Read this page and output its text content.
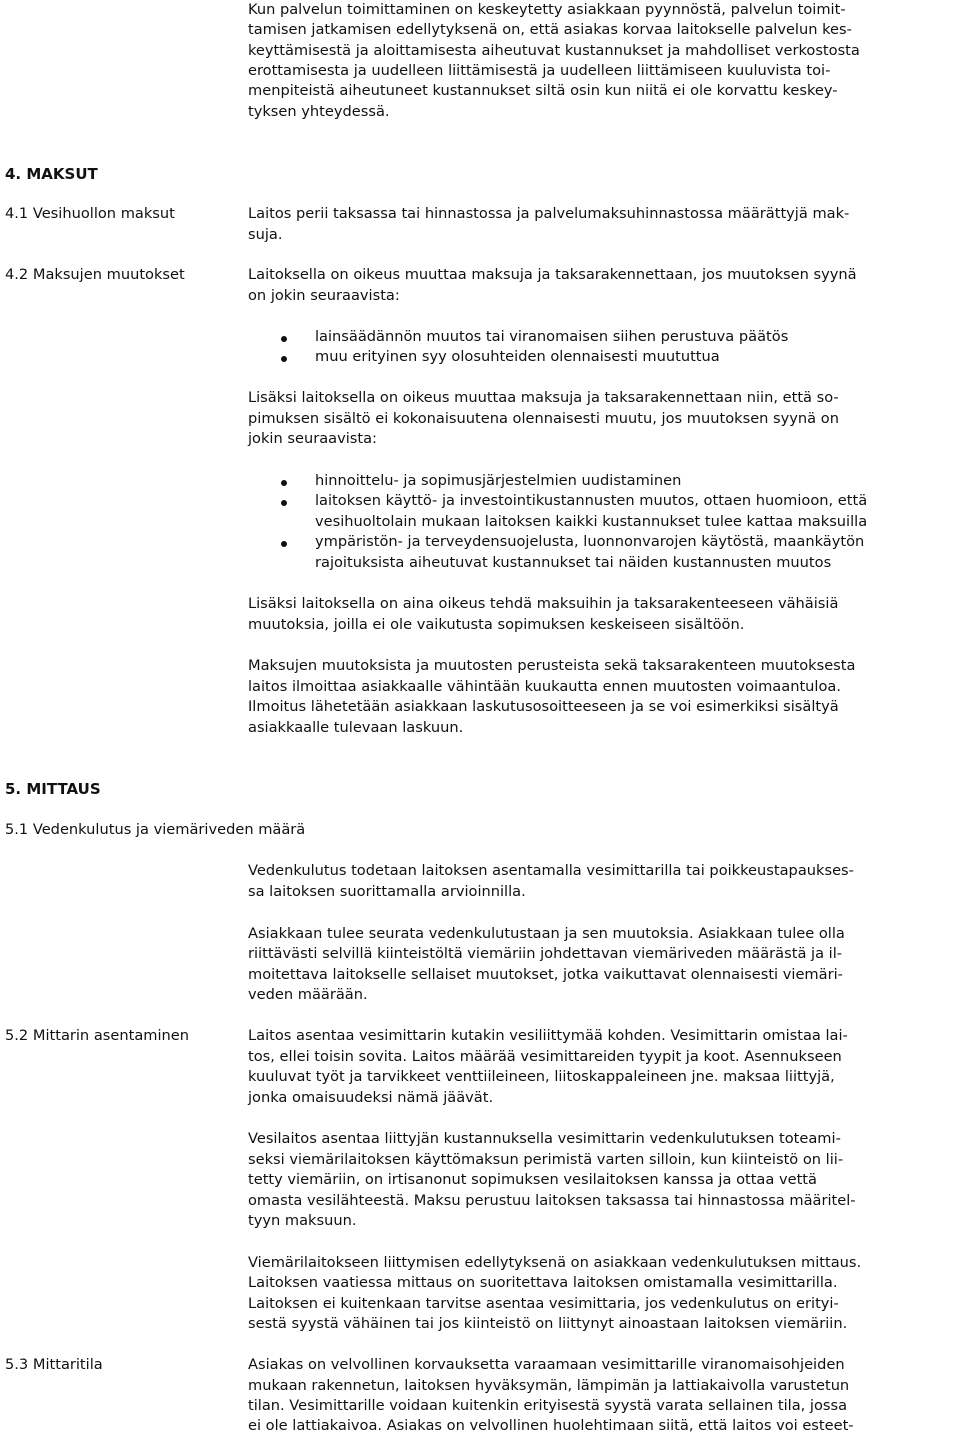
Kun palvelun toimittaminen on keskeytetty asiakkaan pyynnöstä, palvelun toimit-
tamisen jatkamisen edellytyksenä on, että asiakas korvaa laitokselle palvelun kes-
keyttämisestä ja aloittamisesta aiheutuvat kustannukset ja mahdolliset verkostosta
erottamisesta ja uudelleen liittämisestä ja uudelleen liittämiseen kuuluvista toi-
menpiteistä aiheutuneet kustannukset siltä osin kun niitä ei ole korvattu keskey-
tyksen yhteydessä.
4. MAKSUT
4.1 Vesihuollon maksut	Laitos perii taksassa tai hinnastossa ja palvelumaksuhinnastossa määrättyjä mak-
suja.
4.2 Maksujen muutokset	Laitoksella on oikeus muuttaa maksuja ja taksarakennettaan, jos muutoksen syynä
on jokin seuraavista:
lainsäädännön muutos tai viranomaisen siihen perustuva päätös
muu erityinen syy olosuhteiden olennaisesti muututtua
Lisäksi laitoksella on oikeus muuttaa maksuja ja taksarakennettaan niin, että so-
pimuksen sisältö ei kokonaisuutena olennaisesti muutu, jos muutoksen syynä on
jokin seuraavista:
hinnoittelu- ja sopimusjärjestelmien uudistaminen
laitoksen käyttö- ja investointikustannusten muutos, ottaen huomioon, että
vesihuoltolain mukaan laitoksen kaikki kustannukset tulee kattaa maksuilla
ympäristön- ja terveydensuojelusta, luonnonvarojen käytöstä, maankäytön
rajoituksista aiheutuvat kustannukset tai näiden kustannusten muutos
Lisäksi laitoksella on aina oikeus tehdä maksuihin ja taksarakenteeseen vähäisiä
muutoksia, joilla ei ole vaikutusta sopimuksen keskeiseen sisältöön.
Maksujen muutoksista ja muutosten perusteista sekä taksarakenteen muutoksesta
laitos ilmoittaa asiakkaalle vähintään kuukautta ennen muutosten voimaantuloa.
Ilmoitus lähetetään asiakkaan laskutusosoitteeseen ja se voi esimerkiksi sisältyä
asiakkaalle tulevaan laskuun.
5. MITTAUS
5.1 Vedenkulutus ja viemäriveden määrä
Vedenkulutus todetaan laitoksen asentamalla vesimittarilla tai poikkeustapaukses-
sa laitoksen suorittamalla arvioinnilla.
Asiakkaan tulee seurata vedenkulutustaan ja sen muutoksia. Asiakkaan tulee olla
riittävästi selvillä kiinteistöltä viemäriin johdettavan viemäriveden määrästä ja il-
moitettava laitokselle sellaiset muutokset, jotka vaikuttavat olennaisesti viemäri-
veden määrään.
5.2 Mittarin asentaminen	Laitos asentaa vesimittarin kutakin vesiliittymää kohden. Vesimittarin omistaa lai-
tos, ellei toisin sovita. Laitos määrää vesimittareiden tyypit ja koot. Asennukseen
kuuluvat työt ja tarvikkeet venttiileineen, liitoskappaleineen jne. maksaa liittyjä,
jonka omaisuudeksi nämä jäävät.
Vesilaitos asentaa liittyjän kustannuksella vesimittarin vedenkulutuksen toteami-
seksi viemärilaitoksen käyttömaksun perimistä varten silloin, kun kiinteistö on lii-
tetty viemäriin, on irtisanonut sopimuksen vesilaitoksen kanssa ja ottaa vettä
omasta vesilähteestä. Maksu perustuu laitoksen taksassa tai hinnastossa määritel-
tyyn maksuun.
Viemärilaitokseen liittymisen edellytyksenä on asiakkaan vedenkulutuksen mittaus.
Laitoksen vaatiessa mittaus on suoritettava laitoksen omistamalla vesimittarilla.
Laitoksen ei kuitenkaan tarvitse asentaa vesimittaria, jos vedenkulutus on erityi-
sestä syystä vähäinen tai jos kiinteistö on liittynyt ainoastaan laitoksen viemäriin.
5.3 Mittaritila	Asiakas on velvollinen korvauksetta varaamaan vesimittarille viranomaisohjeiden
mukaan rakennetun, laitoksen hyväksymän, lämpimän ja lattiakaivolla varustetun
tilan. Vesimittarille voidaan kuitenkin erityisestä syystä varata sellainen tila, jossa
ei ole lattiakaivoa. Asiakas on velvollinen huolehtimaan siitä, että laitos voi esteet-
